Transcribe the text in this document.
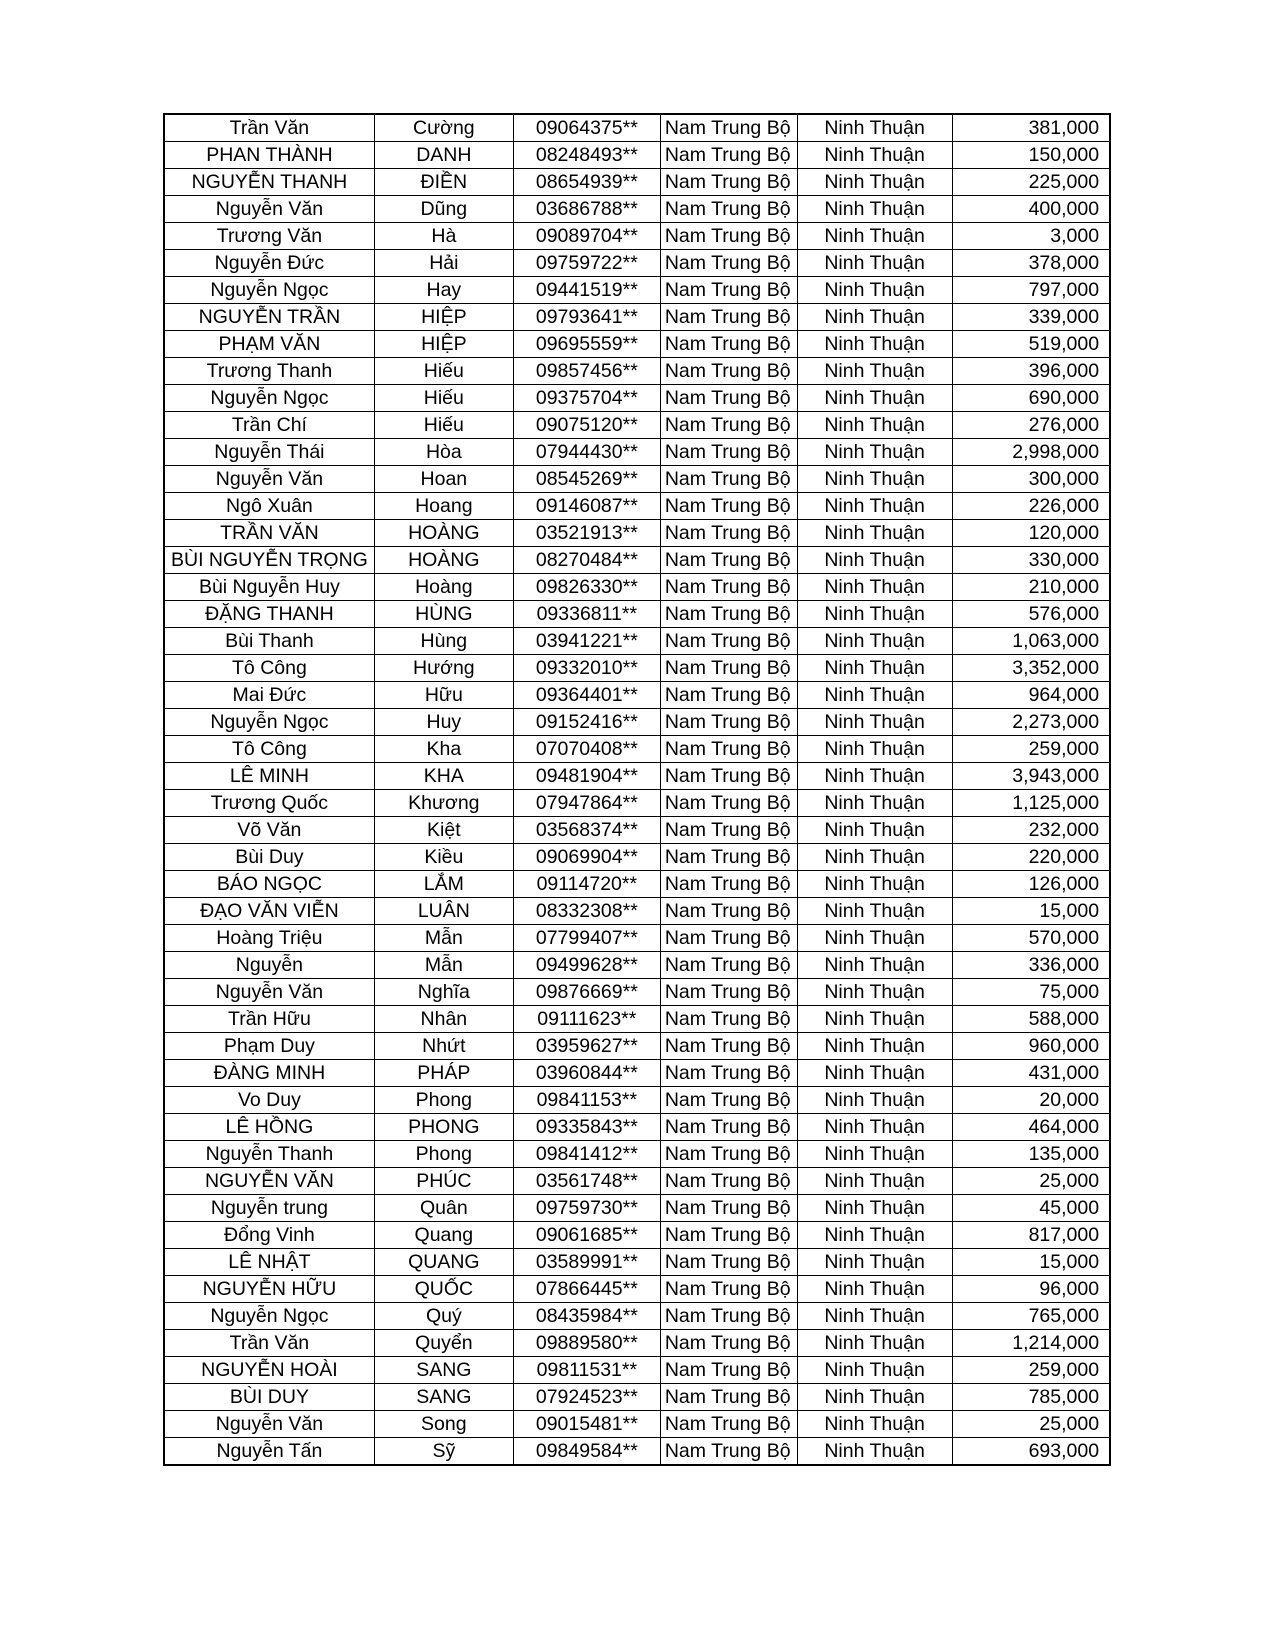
Trần Văn	Cường	09064375**	Nam Trung Bộ	Ninh Thuận	381,000
PHAN THÀNH	DANH	08248493**	Nam Trung Bộ	Ninh Thuận	150,000
NGUYỄN THANH	ĐIỀN	08654939**	Nam Trung Bộ	Ninh Thuận	225,000
Nguyễn Văn	Dũng	03686788**	Nam Trung Bộ	Ninh Thuận	400,000
Trương Văn	Hà	09089704**	Nam Trung Bộ	Ninh Thuận	3,000
Nguyễn Đức	Hải	09759722**	Nam Trung Bộ	Ninh Thuận	378,000
Nguyễn Ngọc	Hay	09441519**	Nam Trung Bộ	Ninh Thuận	797,000
NGUYỄN TRẦN	HIỆP	09793641**	Nam Trung Bộ	Ninh Thuận	339,000
PHẠM VĂN	HIỆP	09695559**	Nam Trung Bộ	Ninh Thuận	519,000
Trương Thanh	Hiếu	09857456**	Nam Trung Bộ	Ninh Thuận	396,000
Nguyễn Ngọc	Hiếu	09375704**	Nam Trung Bộ	Ninh Thuận	690,000
Trần Chí	Hiếu	09075120**	Nam Trung Bộ	Ninh Thuận	276,000
Nguyễn Thái	Hòa	07944430**	Nam Trung Bộ	Ninh Thuận	2,998,000
Nguyễn Văn	Hoan	08545269**	Nam Trung Bộ	Ninh Thuận	300,000
Ngô Xuân	Hoang	09146087**	Nam Trung Bộ	Ninh Thuận	226,000
TRẦN VĂN	HOÀNG	03521913**	Nam Trung Bộ	Ninh Thuận	120,000
BÙI NGUYỄN TRỌNG	HOÀNG	08270484**	Nam Trung Bộ	Ninh Thuận	330,000
Bùi Nguyễn Huy	Hoàng	09826330**	Nam Trung Bộ	Ninh Thuận	210,000
ĐẶNG THANH	HÙNG	09336811**	Nam Trung Bộ	Ninh Thuận	576,000
Bùi Thanh	Hùng	03941221**	Nam Trung Bộ	Ninh Thuận	1,063,000
Tô Công	Hướng	09332010**	Nam Trung Bộ	Ninh Thuận	3,352,000
Mai Đức	Hữu	09364401**	Nam Trung Bộ	Ninh Thuận	964,000
Nguyễn Ngọc	Huy	09152416**	Nam Trung Bộ	Ninh Thuận	2,273,000
Tô Công	Kha	07070408**	Nam Trung Bộ	Ninh Thuận	259,000
LÊ MINH	KHA	09481904**	Nam Trung Bộ	Ninh Thuận	3,943,000
Trương Quốc	Khương	07947864**	Nam Trung Bộ	Ninh Thuận	1,125,000
Võ Văn	Kiệt	03568374**	Nam Trung Bộ	Ninh Thuận	232,000
Bùi Duy	Kiều	09069904**	Nam Trung Bộ	Ninh Thuận	220,000
BÁO NGỌC	LẮM	09114720**	Nam Trung Bộ	Ninh Thuận	126,000
ĐẠO VĂN VIỄN	LUÂN	08332308**	Nam Trung Bộ	Ninh Thuận	15,000
Hoàng Triệu	Mẫn	07799407**	Nam Trung Bộ	Ninh Thuận	570,000
Nguyễn	Mẫn	09499628**	Nam Trung Bộ	Ninh Thuận	336,000
Nguyễn Văn	Nghĩa	09876669**	Nam Trung Bộ	Ninh Thuận	75,000
Trần Hữu	Nhân	09111623**	Nam Trung Bộ	Ninh Thuận	588,000
Phạm Duy	Nhứt	03959627**	Nam Trung Bộ	Ninh Thuận	960,000
ĐÀNG MINH	PHÁP	03960844**	Nam Trung Bộ	Ninh Thuận	431,000
Vo Duy	Phong	09841153**	Nam Trung Bộ	Ninh Thuận	20,000
LÊ HỒNG	PHONG	09335843**	Nam Trung Bộ	Ninh Thuận	464,000
Nguyễn Thanh	Phong	09841412**	Nam Trung Bộ	Ninh Thuận	135,000
NGUYỄN VĂN	PHÚC	03561748**	Nam Trung Bộ	Ninh Thuận	25,000
Nguyễn trung	Quân	09759730**	Nam Trung Bộ	Ninh Thuận	45,000
Đổng Vinh	Quang	09061685**	Nam Trung Bộ	Ninh Thuận	817,000
LÊ NHẬT	QUANG	03589991**	Nam Trung Bộ	Ninh Thuận	15,000
NGUYỄN HỮU	QUỐC	07866445**	Nam Trung Bộ	Ninh Thuận	96,000
Nguyễn Ngọc	Quý	08435984**	Nam Trung Bộ	Ninh Thuận	765,000
Trần Văn	Quyển	09889580**	Nam Trung Bộ	Ninh Thuận	1,214,000
NGUYỄN HOÀI	SANG	09811531**	Nam Trung Bộ	Ninh Thuận	259,000
BÙI DUY	SANG	07924523**	Nam Trung Bộ	Ninh Thuận	785,000
Nguyễn Văn	Song	09015481**	Nam Trung Bộ	Ninh Thuận	25,000
Nguyễn Tấn	Sỹ	09849584**	Nam Trung Bộ	Ninh Thuận	693,000
